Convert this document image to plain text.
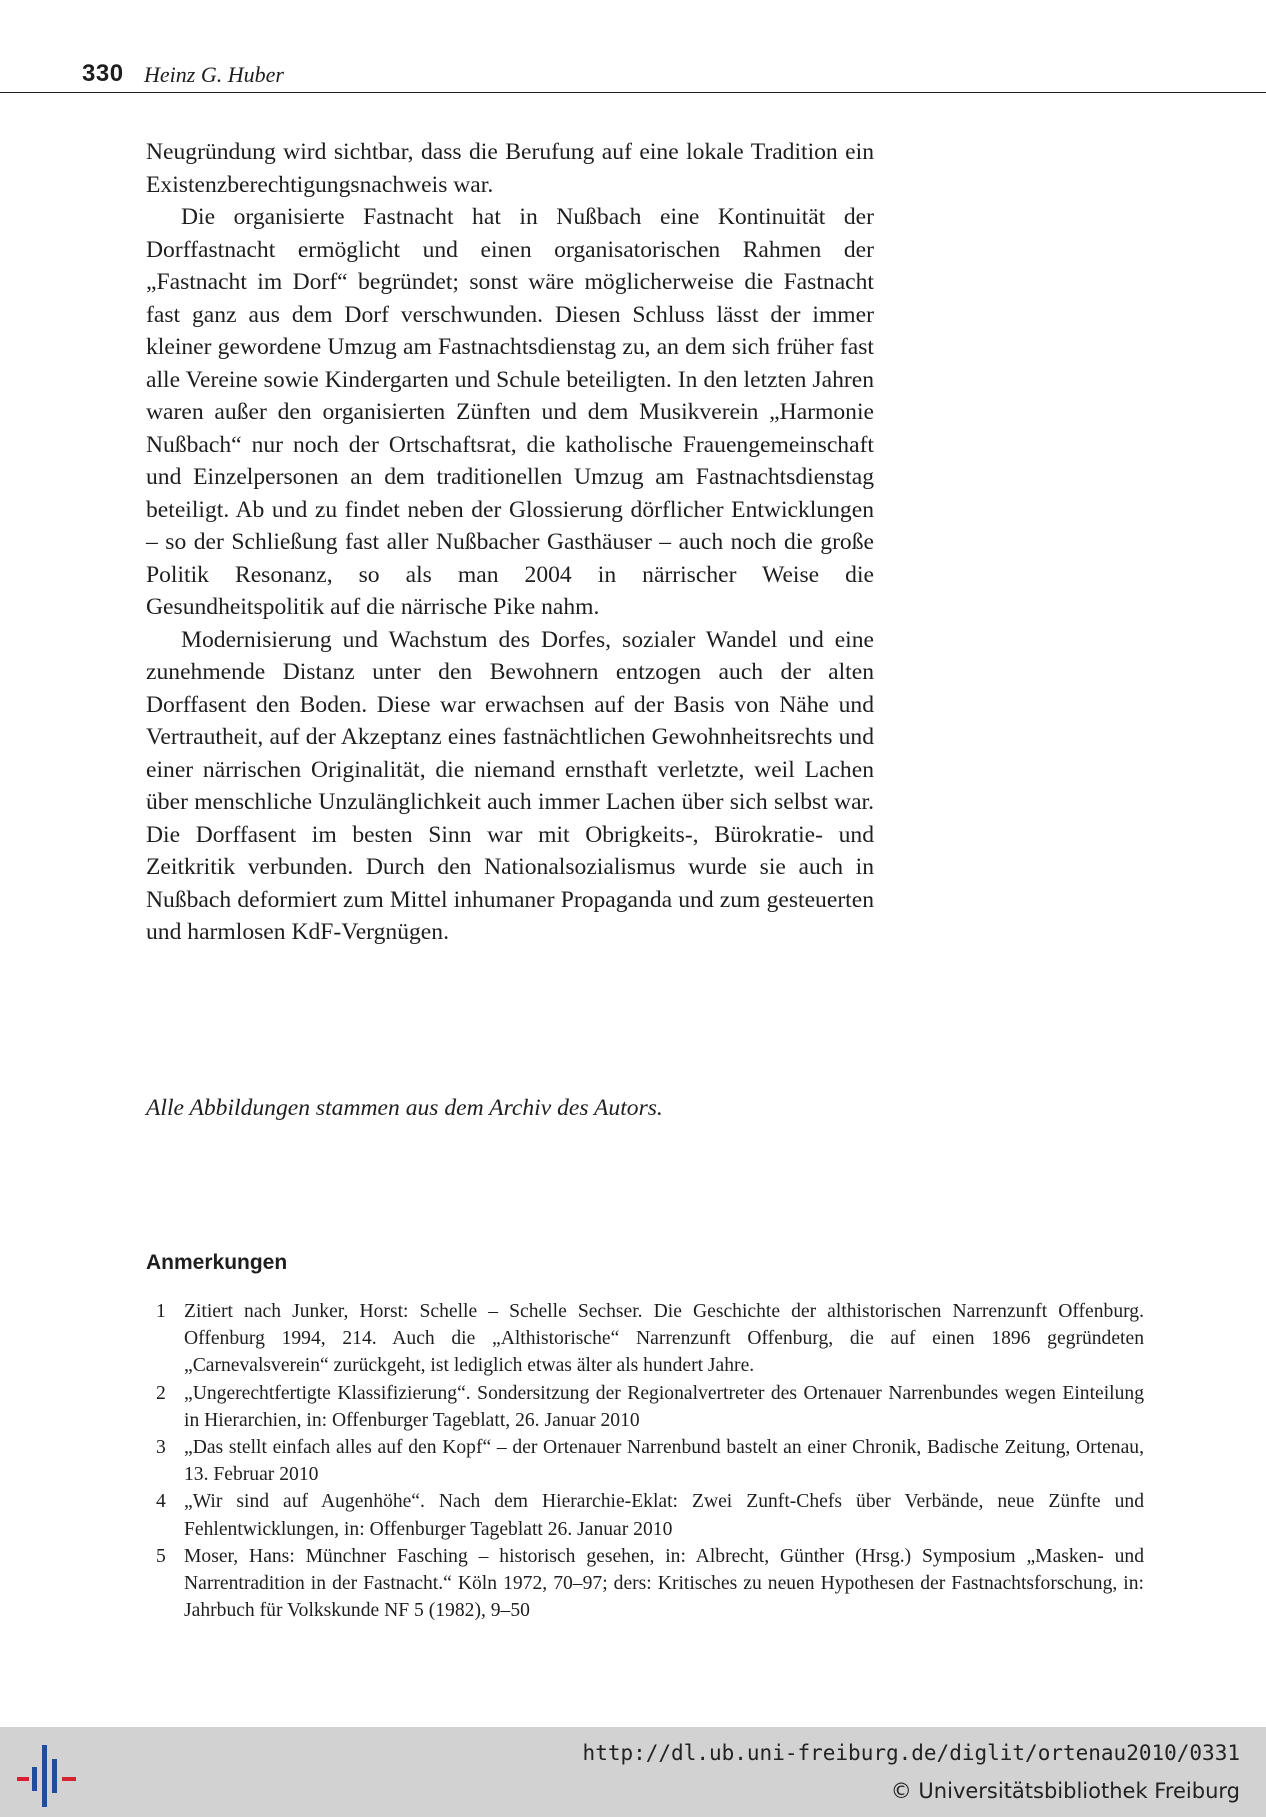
330 Heinz G. Huber

Neugründung wird sichtbar, dass die Berufung auf eine lokale Tradition ein Existenzberechtigungsnachweis war.

Die organisierte Fastnacht hat in Nußbach eine Kontinuität der Dorffastnacht ermöglicht und einen organisatorischen Rahmen der „Fastnacht im Dorf“ begründet; sonst wäre möglicherweise die Fastnacht fast ganz aus dem Dorf verschwunden. Diesen Schluss lässt der immer kleiner gewordene Umzug am Fastnachtsdienstag zu, an dem sich früher fast alle Vereine sowie Kindergarten und Schule beteiligten. In den letzten Jahren waren außer den organisierten Zünften und dem Musikverein „Harmonie Nußbach“ nur noch der Ortschaftsrat, die katholische Frauengemeinschaft und Einzelpersonen an dem traditionellen Umzug am Fastnachtsdienstag beteiligt. Ab und zu findet neben der Glossierung dörflicher Entwicklungen – so der Schließung fast aller Nußbacher Gasthäuser – auch noch die große Politik Resonanz, so als man 2004 in närrischer Weise die Gesundheitspolitik auf die närrische Pike nahm.

Modernisierung und Wachstum des Dorfes, sozialer Wandel und eine zunehmende Distanz unter den Bewohnern entzogen auch der alten Dorffasent den Boden. Diese war erwachsen auf der Basis von Nähe und Vertrautheit, auf der Akzeptanz eines fastnächtlichen Gewohnheitsrechts und einer närrischen Originalität, die niemand ernsthaft verletzte, weil Lachen über menschliche Unzulänglichkeit auch immer Lachen über sich selbst war. Die Dorffasent im besten Sinn war mit Obrigkeits-, Bürokratie- und Zeitkritik verbunden. Durch den Nationalsozialismus wurde sie auch in Nußbach deformiert zum Mittel inhumaner Propaganda und zum gesteuerten und harmlosen KdF-Vergnügen.

Alle Abbildungen stammen aus dem Archiv des Autors.
Anmerkungen
1 Zitiert nach Junker, Horst: Schelle – Schelle Sechser. Die Geschichte der althistorischen Narrenzunft Offenburg. Offenburg 1994, 214. Auch die „Althistorische“ Narrenzunft Offenburg, die auf einen 1896 gegründeten „Carnevalsverein“ zurückgeht, ist lediglich etwas älter als hundert Jahre.
2 „Ungerechtfertigte Klassifizierung“. Sondersitzung der Regionalvertreter des Ortenauer Narrenbundes wegen Einteilung in Hierarchien, in: Offenburger Tageblatt, 26. Januar 2010
3 „Das stellt einfach alles auf den Kopf“ – der Ortenauer Narrenbund bastelt an einer Chronik, Badische Zeitung, Ortenau, 13. Februar 2010
4 „Wir sind auf Augenhöhe“. Nach dem Hierarchie-Eklat: Zwei Zunft-Chefs über Verbände, neue Zünfte und Fehlentwicklungen, in: Offenburger Tageblatt 26. Januar 2010
5 Moser, Hans: Münchner Fasching – historisch gesehen, in: Albrecht, Günther (Hrsg.) Symposium „Masken- und Narrentradition in der Fastnacht.“ Köln 1972, 70–97; ders: Kritisches zu neuen Hypothesen der Fastnachtsforschung, in: Jahrbuch für Volkskunde NF 5 (1982), 9–50
http://dl.ub.uni-freiburg.de/diglit/ortenau2010/0331
© Universitätsbibliothek Freiburg
